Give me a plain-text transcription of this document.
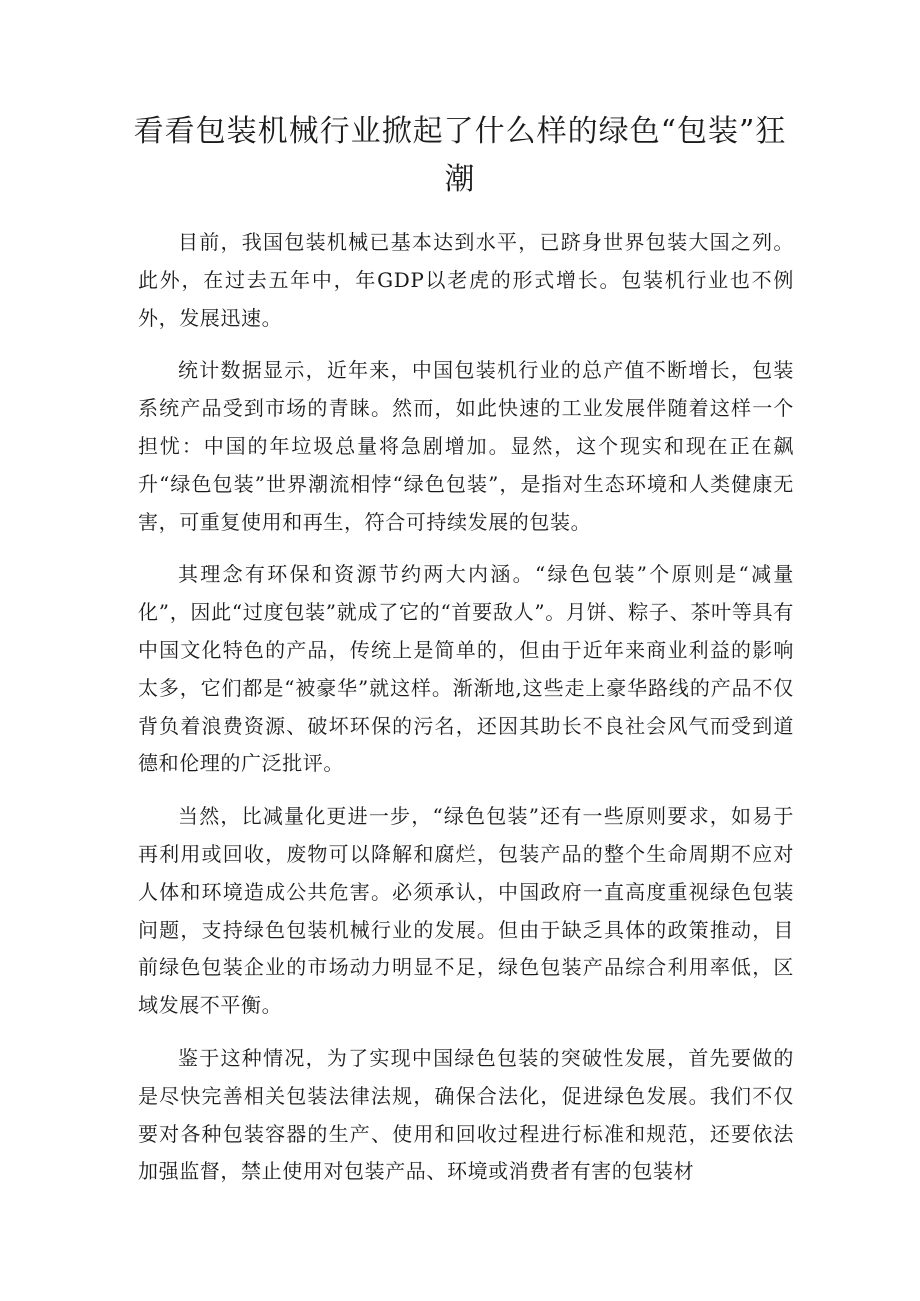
看看包装机械行业掀起了什么样的绿色“包装”狂潮

目前，我国包装机械已基本达到水平，已跻身世界包装大国之列。此外，在过去五年中，年GDP以老虎的形式增长。包装机行业也不例外，发展迅速。

统计数据显示，近年来，中国包装机行业的总产值不断增长，包装系统产品受到市场的青睐。然而，如此快速的工业发展伴随着这样一个担忧：中国的年垃圾总量将急剧增加。显然，这个现实和现在正在飙升“绿色包装”世界潮流相悖“绿色包装”，是指对生态环境和人类健康无害，可重复使用和再生，符合可持续发展的包装。

其理念有环保和资源节约两大内涵。“绿色包装”个原则是“减量化”，因此“过度包装”就成了它的“首要敌人”。月饼、粽子、茶叶等具有中国文化特色的产品，传统上是简单的，但由于近年来商业利益的影响太多，它们都是“被豪华”就这样。渐渐地,这些走上豪华路线的产品不仅背负着浪费资源、破坏环保的污名，还因其助长不良社会风气而受到道德和伦理的广泛批评。

当然，比减量化更进一步，“绿色包装”还有一些原则要求，如易于再利用或回收，废物可以降解和腐烂，包装产品的整个生命周期不应对人体和环境造成公共危害。必须承认，中国政府一直高度重视绿色包装问题，支持绿色包装机械行业的发展。但由于缺乏具体的政策推动，目前绿色包装企业的市场动力明显不足，绿色包装产品综合利用率低，区域发展不平衡。

鉴于这种情况，为了实现中国绿色包装的突破性发展，首先要做的是尽快完善相关包装法律法规，确保合法化，促进绿色发展。我们不仅要对各种包装容器的生产、使用和回收过程进行标准和规范，还要依法加强监督，禁止使用对包装产品、环境或消费者有害的包装材
